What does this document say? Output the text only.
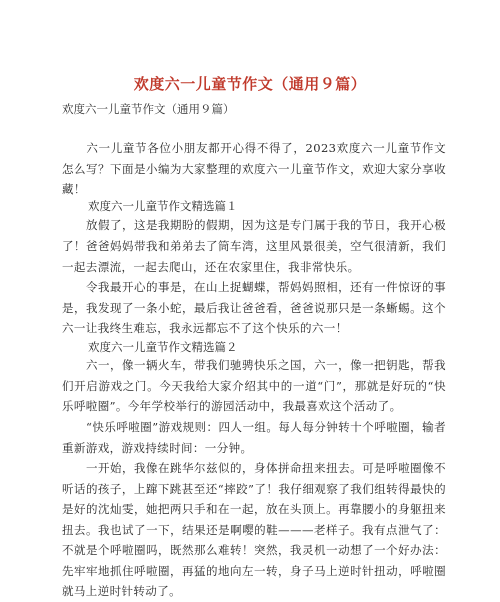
欢度六一儿童节作文（通用９篇）
欢度六一儿童节作文（通用９篇）
　　六一儿童节各位小朋友都开心得不得了，2023欢度六一儿童节作文怎么写？下面是小编为大家整理的欢度六一儿童节作文，欢迎大家分享收藏！
欢度六一儿童节作文精选篇１
放假了，这是我期盼的假期，因为这是专门属于我的节日，我开心极了！ 爸爸妈妈带我和弟弟去了筒车湾，这里风景很美，空气很清新，我们一起去漂流，一起去爬山，还在农家里住，我非常快乐。
令我最开心的事是，在山上捉蝴蝶，帮妈妈照相，还有一件惊讶的事是，我发现了一条小蛇，最后我让爸爸看，爸爸说那只是一条蜥蜴。这个六一让我终生难忘，我永远都忘不了这个快乐的六一！
欢度六一儿童节作文精选篇２
六一，像一辆火车，带我们驰骋快乐之国，六一，像一把钥匙，帮我们开启游戏之门。今天我给大家介绍其中的一道“门”，那就是好玩的“快乐呼啦圈”。今年学校举行的游园活动中，我最喜欢这个活动了。
“快乐呼啦圈”游戏规则：四人一组。每人每分钟转十个呼啦圈，输者重新游戏，游戏持续时间：一分钟。
一开始，我像在跳华尔兹似的，身体拼命扭来扭去。可是呼啦圈像不听话的孩子，上蹿下跳甚至还“摔跤”了！我仔细观察了我们组转得最快的是好的沈灿雯，她把两只手和在一起，放在头顶上。再靠腰小的身躯扭来扭去。我也试了一下，结果还是啊嘤的鞋———老样子。我有点泄气了：不就是个呼啦圈吗，既然那么难转！突然，我灵机一动想了一个好办法：先牢牢地抓住呼啦圈，再猛的地向左一转，身子马上逆时针扭动，呼啦圈就马上逆时针转动了。
